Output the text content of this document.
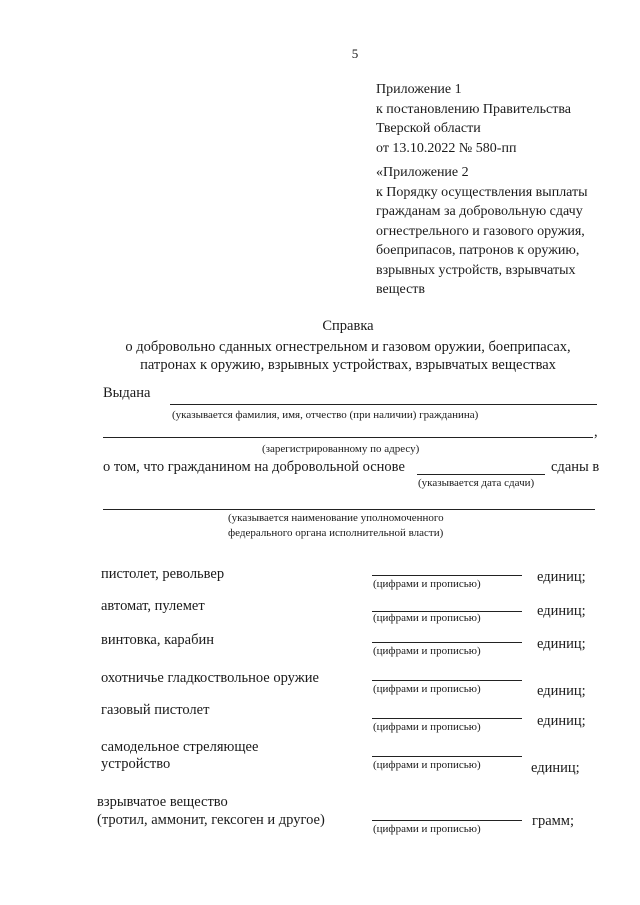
5
Приложение 1
к постановлению Правительства
Тверской области
от 13.10.2022 № 580-пп
«Приложение 2
к Порядку осуществления выплаты
гражданам за добровольную сдачу
огнестрельного и газового оружия,
боеприпасов, патронов к оружию,
взрывных устройств, взрывчатых
веществ
Справка
о добровольно сданных огнестрельном и газовом оружии, боеприпасах,
патронах к оружию, взрывных устройствах, взрывчатых веществах
Выдана
(указывается фамилия, имя, отчество (при наличии) гражданина)
,
(зарегистрированному по адресу)
о том, что гражданином на добровольной основе	сданы в
(указывается дата сдачи)
(указывается наименование уполномоченного
федерального органа исполнительной власти)
пистолет, револьвер
(цифрами и прописью)	единиц;
автомат, пулемет
(цифрами и прописью)	единиц;
винтовка, карабин
(цифрами и прописью)	единиц;
охотничье гладкоствольное оружие
(цифрами и прописью)	единиц;
газовый пистолет
(цифрами и прописью)	единиц;
самодельное стреляющее
устройство	(цифрами и прописью)	единиц;
взрывчатое вещество
(тротил, аммонит, гексоген и другое)
(цифрами и прописью)	грамм;
